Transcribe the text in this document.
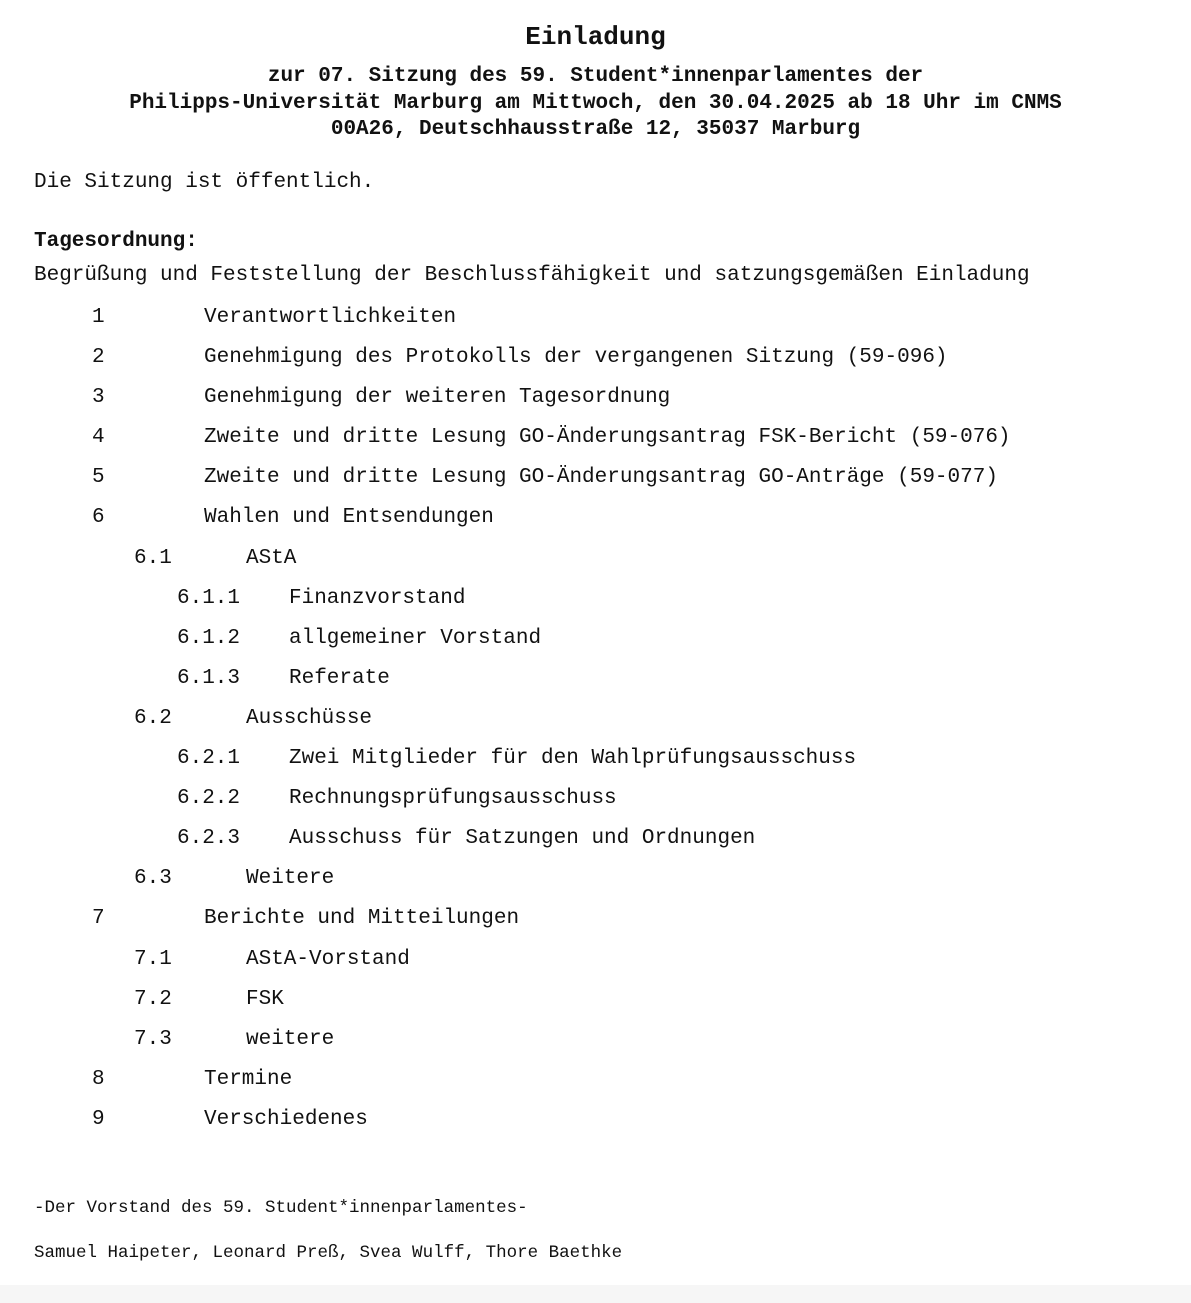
Einladung
zur 07. Sitzung des 59. Student*innenparlamentes der
Philipps-Universität Marburg am Mittwoch, den 30.04.2025 ab 18 Uhr im CNMS
00A26, Deutschhausstraße 12, 35037 Marburg
Die Sitzung ist öffentlich.
Tagesordnung:
Begrüßung und Feststellung der Beschlussfähigkeit und satzungsgemäßen Einladung
1	Verantwortlichkeiten
2	Genehmigung des Protokolls der vergangenen Sitzung (59-096)
3	Genehmigung der weiteren Tagesordnung
4	Zweite und dritte Lesung GO-Änderungsantrag FSK-Bericht (59-076)
5	Zweite und dritte Lesung GO-Änderungsantrag GO-Anträge (59-077)
6	Wahlen und Entsendungen
6.1	AStA
6.1.1 Finanzvorstand
6.1.2 allgemeiner Vorstand
6.1.3 Referate
6.2	Ausschüsse
6.2.1 Zwei Mitglieder für den Wahlprüfungsausschuss
6.2.2 Rechnungsprüfungsausschuss
6.2.3 Ausschuss für Satzungen und Ordnungen
6.3	Weitere
7	Berichte und Mitteilungen
7.1	AStA-Vorstand
7.2	FSK
7.3	weitere
8	Termine
9	Verschiedenes
-Der Vorstand des 59. Student*innenparlamentes-
Samuel Haipeter, Leonard Preß, Svea Wulff, Thore Baethke
